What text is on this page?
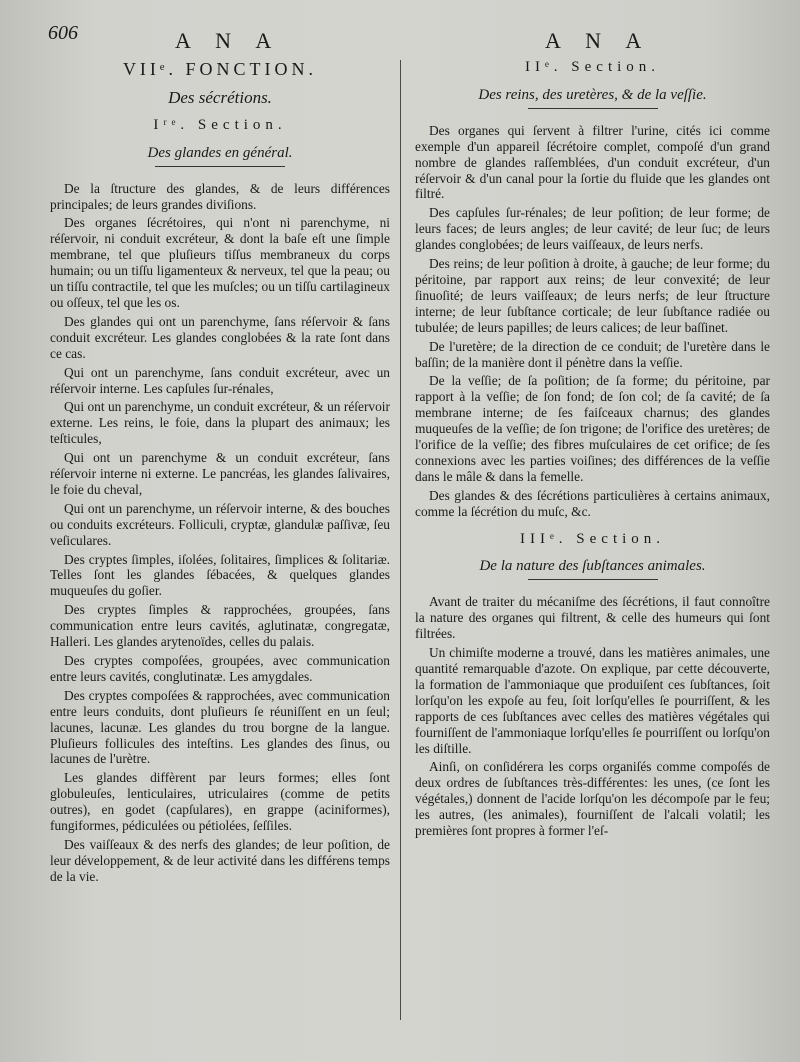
606	A N A	A N A
VIIᵉ. FONCTION.
Des sécrétions.
Iʳᵉ. Section.
Des glandes en général.

De la ſtructure des glandes, & de leurs différences principales; de leurs grandes diviſions.

Des organes ſécrétoires, qui n'ont ni parenchyme, ni réſervoir, ni conduit excréteur, & dont la baſe eſt une ſimple membrane, tel que pluſieurs tiſſus membraneux du corps humain; ou un tiſſu ligamenteux & nerveux, tel que la peau; ou un tiſſu contractile, tel que les muſcles; ou un tiſſu cartilagineux ou oſſeux, tel que les os.

Des glandes qui ont un parenchyme, ſans réſervoir & ſans conduit excréteur. Les glandes conglobées & la rate ſont dans ce cas.

Qui ont un parenchyme, ſans conduit excréteur, avec un réſervoir interne. Les capſules ſur-rénales,

Qui ont un parenchyme, un conduit excréteur, & un réſervoir externe. Les reins, le foie, dans la plupart des animaux; les teſticules,

Qui ont un parenchyme & un conduit excréteur, ſans réſervoir interne ni externe. Le pancréas, les glandes ſalivaires, le foie du cheval,

Qui ont un parenchyme, un réſervoir interne, & des bouches ou conduits excréteurs. Folliculi, cryptæ, glandulæ paſſivæ, ſeu veſiculares.

Des cryptes ſimples, iſolées, ſolitaires, ſimplices & ſolitariæ. Telles ſont les glandes ſébacées, & quelques glandes muqueuſes du goſier.

Des cryptes ſimples & rapprochées, groupées, ſans communication entre leurs cavités, aglutinatæ, congregatæ, Halleri. Les glandes arytenoïdes, celles du palais.

Des cryptes compoſées, groupées, avec communication entre leurs cavités, conglutinatæ. Les amygdales.

Des cryptes compoſées & rapprochées, avec communication entre leurs conduits, dont pluſieurs ſe réuniſſent en un ſeul; lacunes, lacunæ. Les glandes du trou borgne de la langue. Pluſieurs follicules des inteſtins. Les glandes des ſinus, ou lacunes de l'urètre.

Les glandes diffèrent par leurs formes; elles ſont globuleuſes, lenticulaires, utriculaires (comme de petits outres), en godet (capſulares), en grappe (aciniformes), fungiformes, pédiculées ou pétiolées, ſeſſiles.

Des vaiſſeaux & des nerfs des glandes; de leur poſition, de leur développement, & de leur activité dans les différens temps de la vie.

IIᵉ. Section.
Des reins, des uretères, & de la veſſie.

Des organes qui ſervent à filtrer l'urine, cités ici comme exemple d'un appareil ſécrétoire complet, compoſé d'un grand nombre de glandes raſſemblées, d'un conduit excréteur, d'un réſervoir & d'un canal pour la ſortie du fluide que les glandes ont filtré.

Des capſules ſur-rénales; de leur poſition; de leur forme; de leurs faces; de leurs angles; de leur cavité; de leur ſuc; de leurs glandes conglobées; de leurs vaiſſeaux, de leurs nerfs.

Des reins; de leur poſition à droite, à gauche; de leur forme; du péritoine, par rapport aux reins; de leur convexité; de leur ſinuoſité; de leurs vaiſſeaux; de leurs nerfs; de leur ſtructure interne; de leur ſubſtance corticale; de leur ſubſtance radiée ou tubulée; de leurs papilles; de leurs calices; de leur baſſinet.

De l'uretère; de la direction de ce conduit; de l'uretère dans le baſſin; de la manière dont il pénètre dans la veſſie.

De la veſſie; de ſa poſition; de ſa forme; du péritoine, par rapport à la veſſie; de ſon fond; de ſon col; de ſa cavité; de ſa membrane interne; de ſes faiſceaux charnus; des glandes muqueuſes de la veſſie; de ſon trigone; de l'orifice des uretères; de l'orifice de la veſſie; des fibres muſculaires de cet orifice; de ſes connexions avec les parties voiſines; des différences de la veſſie dans le mâle & dans la femelle.

Des glandes & des ſécrétions particulières à certains animaux, comme la ſécrétion du muſc, &c.

IIIᵉ. Section.
De la nature des ſubſtances animales.

Avant de traiter du mécaniſme des ſécrétions, il faut connoître la nature des organes qui filtrent, & celle des humeurs qui ſont filtrées.

Un chimiſte moderne a trouvé, dans les matières animales, une quantité remarquable d'azote. On explique, par cette découverte, la formation de l'ammoniaque que produiſent ces ſubſtances, ſoit lorſqu'on les expoſe au feu, ſoit lorſqu'elles ſe pourriſſent, & les rapports de ces ſubſtances avec celles des matières végétales qui fourniſſent de l'ammoniaque lorſqu'elles ſe pourriſſent ou lorſqu'on les diſtille.

Ainſi, on conſidérera les corps organiſés comme compoſés de deux ordres de ſubſtances très-différentes: les unes, (ce ſont les végétales,) donnent de l'acide lorſqu'on les décompoſe par le feu; les autres, (les animales), fourniſſent de l'alcali volatil; les premières ſont propres à former l'eſ-
